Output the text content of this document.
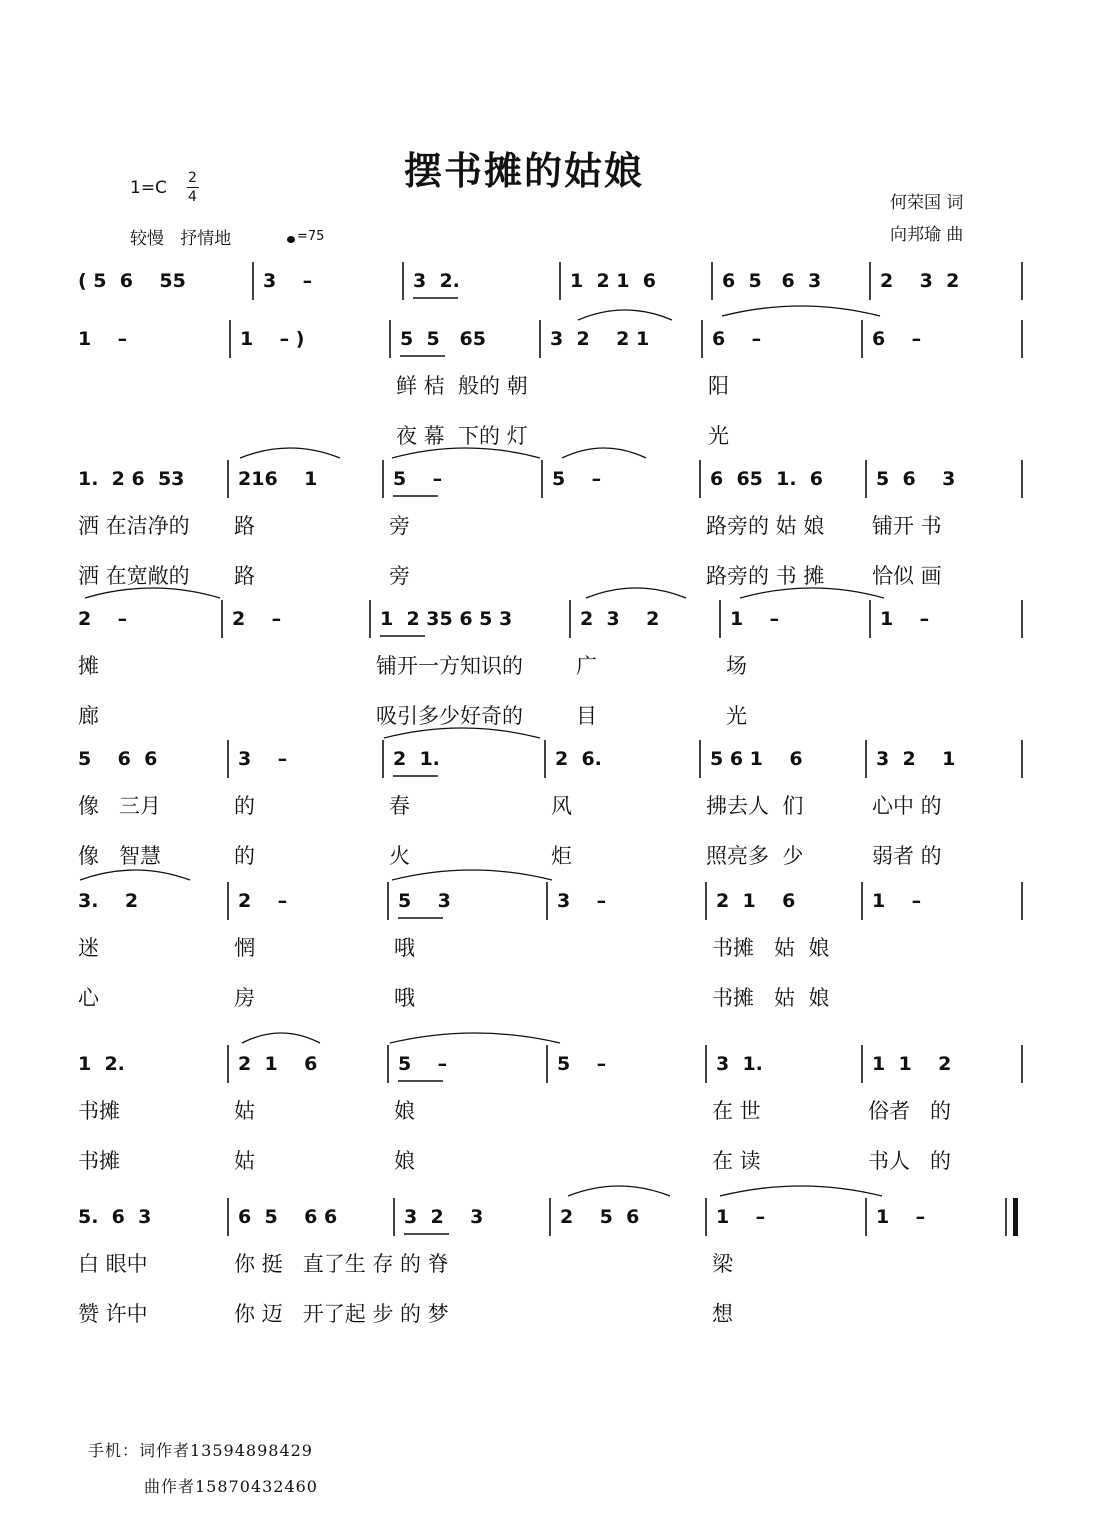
摆书摊的姑娘
1=C 2
4
较慢   抒情地	=75
何荣国 词
向邦瑜 曲
( 5  6    55	3    –	3  2.	1  2 1  6	6  5   6  3	2    3  2
1    –	1    – )	5  5   65	3  2    2 1	6    –	6    –
鲜 桔  般的 朝	阳
夜 幕  下的 灯	光
1.  2 6  53	216    1	5    –	5    –	6  65  1.  6	5  6    3
洒 在洁净的 路	旁	路旁的 姑 娘 铺开 书
洒 在宽敞的 路	旁	路旁的 书 摊 恰似 画
2    –	2    –	1  2 35 6 5 3	2  3    2	1    –	1    –
摊	铺开一方知识的	广	场
廊	吸引多少好奇的	目	光
5    6  6	3    –	2  1.	2  6.	5 6 1    6	3  2    1
像   三月	的	春	风	拂去人  们	心中 的
像   智慧	的	火	炬	照亮多  少	弱者 的
3.    2	2    –	5    3	3    –	2  1    6	1    –
迷	惘	哦	书摊   姑  娘
心	房	哦	书摊   姑  娘
1  2.	2  1    6	5    –	5    –	3  1.	1  1    2
书摊	姑	娘	在 世	俗者   的
书摊	姑	娘	在 读	书人   的
5.  6  3	6  5    6 6	3  2    3	2    5  6	1    –	1    –
白 眼中	你 挺   直了生 存 的 脊	梁
赞 许中	你 迈   开了起 步 的 梦	想
手机：词作者13594898429
曲作者15870432460
